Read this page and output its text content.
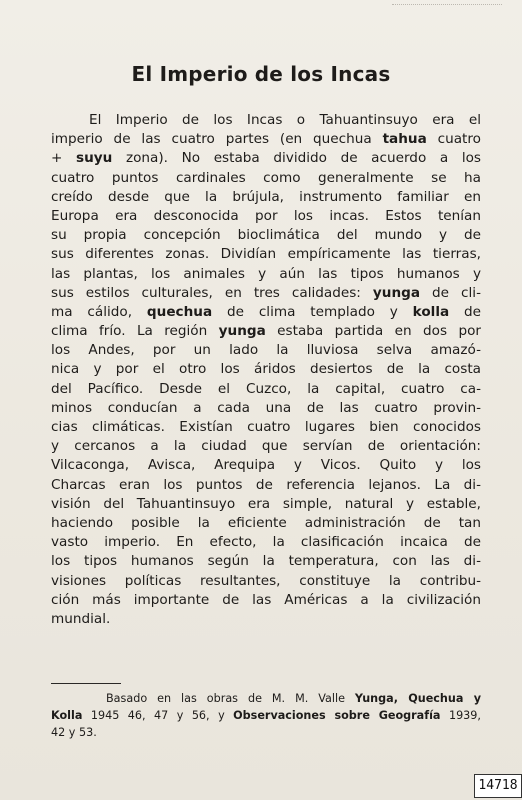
El Imperio de los Incas
El Imperio de los Incas o Tahuantinsuyo era el
imperio de las cuatro partes (en quechua tahua cuatro
+ suyu zona). No estaba dividido de acuerdo a los
cuatro puntos cardinales como generalmente se ha
creído desde que la brújula, instrumento familiar en
Europa era desconocida por los incas. Estos tenían
su propia concepción bioclimática del mundo y de
sus diferentes zonas. Dividían empíricamente las tierras,
las plantas, los animales y aún las tipos humanos y
sus estilos culturales, en tres calidades: yunga de cli-
ma cálido, quechua de clima templado y kolla de
clima frío. La región yunga estaba partida en dos por
los Andes, por un lado la lluviosa selva amazó-
nica y por el otro los áridos desiertos de la costa
del Pacífico. Desde el Cuzco, la capital, cuatro ca-
minos conducían a cada una de las cuatro provin-
cias climáticas. Existían cuatro lugares bien conocidos
y cercanos a la ciudad que servían de orientación:
Vilcaconga, Avisca, Arequipa y Vicos. Quito y los
Charcas eran los puntos de referencia lejanos. La di-
visión del Tahuantinsuyo era simple, natural y estable,
haciendo posible la eficiente administración de tan
vasto imperio. En efecto, la clasificación incaica de
los tipos humanos según la temperatura, con las di-
visiones políticas resultantes, constituye la contribu-
ción más importante de las Américas a la civilización
mundial.
Basado en las obras de M. M. Valle Yunga, Quechua y
Kolla 1945 46, 47 y 56, y Observaciones sobre Geografía 1939,
42 y 53.
14718
